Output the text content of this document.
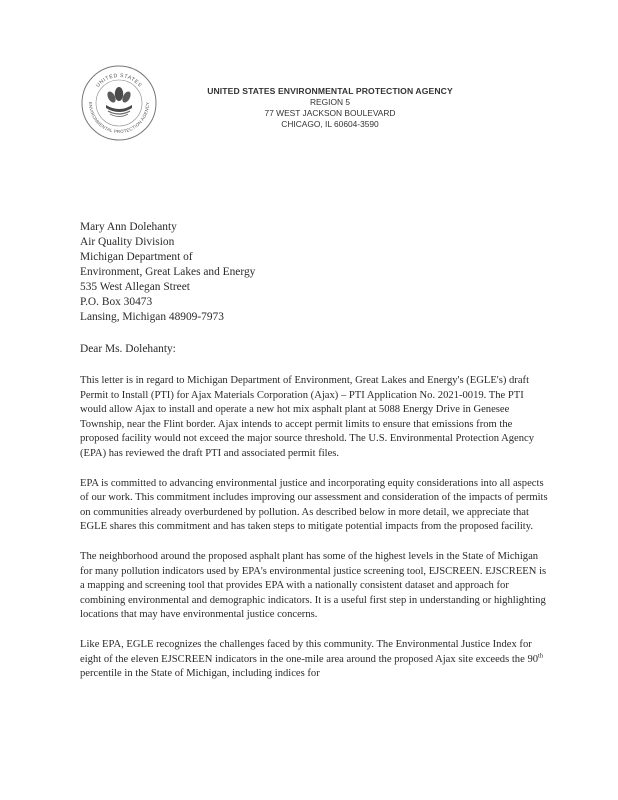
UNITED STATES
ENVIRONMENTAL PROTECTION AGENCY
UNITED STATES ENVIRONMENTAL PROTECTION AGENCY
REGION 5
77 WEST JACKSON BOULEVARD
CHICAGO, IL 60604-3590
Mary Ann Dolehanty
Air Quality Division
Michigan Department of
Environment, Great Lakes and Energy
535 West Allegan Street
P.O. Box 30473
Lansing, Michigan 48909-7973
Dear Ms. Dolehanty:

This letter is in regard to Michigan Department of Environment, Great Lakes and Energy's (EGLE's) draft Permit to Install (PTI) for Ajax Materials Corporation (Ajax) – PTI Application No. 2021-0019. The PTI would allow Ajax to install and operate a new hot mix asphalt plant at 5088 Energy Drive in Genesee Township, near the Flint border. Ajax intends to accept permit limits to ensure that emissions from the proposed facility would not exceed the major source threshold. The U.S. Environmental Protection Agency (EPA) has reviewed the draft PTI and associated permit files.

EPA is committed to advancing environmental justice and incorporating equity considerations into all aspects of our work. This commitment includes improving our assessment and consideration of the impacts of permits on communities already overburdened by pollution. As described below in more detail, we appreciate that EGLE shares this commitment and has taken steps to mitigate potential impacts from the proposed facility.

The neighborhood around the proposed asphalt plant has some of the highest levels in the State of Michigan for many pollution indicators used by EPA's environmental justice screening tool, EJSCREEN. EJSCREEN is a mapping and screening tool that provides EPA with a nationally consistent dataset and approach for combining environmental and demographic indicators. It is a useful first step in understanding or highlighting locations that may have environmental justice concerns.

Like EPA, EGLE recognizes the challenges faced by this community. The Environmental Justice Index for eight of the eleven EJSCREEN indicators in the one-mile area around the proposed Ajax site exceeds the 90th percentile in the State of Michigan, including indices for
